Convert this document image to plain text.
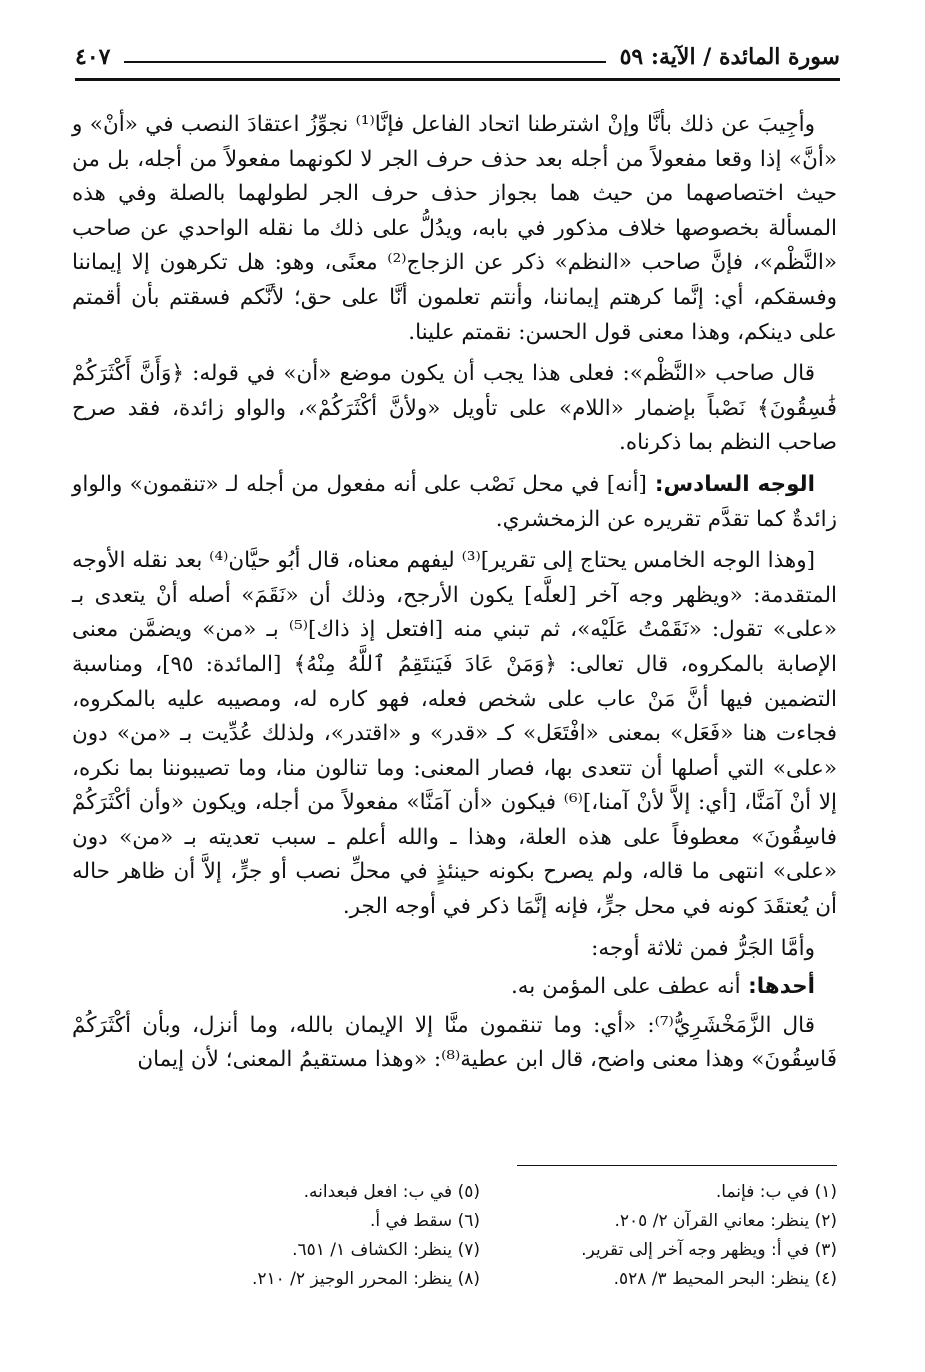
سورة المائدة / الآية: ٥٩
٤٠٧

وأجِيبَ عن ذلك بأنَّا وإنْ اشترطنا اتحاد الفاعل فإنَّا⁽¹⁾ نجوِّزُ اعتقادَ النصب في «أنْ» و «أنَّ» إذا وقعا مفعولاً من أجله بعد حذف حرف الجر لا لكونهما مفعولاً من أجله، بل من حيث اختصاصهما من حيث هما بجواز حذف حرف الجر لطولهما بالصلة وفي هذه المسألة بخصوصها خلاف مذكور في بابه، ويدُلُّ على ذلك ما نقله الواحدي عن صاحب «النَّظْم»، فإنَّ صاحب «النظم» ذكر عن الزجاج⁽²⁾ معنًى، وهو: هل تكرهون إلا إيماننا وفسقكم، أي: إنَّما كرهتم إيماننا، وأنتم تعلمون أنَّا على حق؛ لأنَّكم فسقتم بأن أقمتم على دينكم، وهذا معنى قول الحسن: نقمتم علينا.

قال صاحب «النَّظْم»: فعلى هذا يجب أن يكون موضع «أن» في قوله: ﴿وَأَنَّ أَكْثَرَكُمْ فَٰسِقُونَ﴾ نَصْباً بإضمار «اللام» على تأويل «ولأنَّ أكْثَرَكُمْ»، والواو زائدة، فقد صرح صاحب النظم بما ذكرناه.

الوجه السادس: [أنه] في محل نَصْب على أنه مفعول من أجله لـ «تنقمون» والواو زائدةٌ كما تقدَّم تقريره عن الزمخشري.

[وهذا الوجه الخامس يحتاج إلى تقرير]⁽³⁾ ليفهم معناه، قال أبُو حيَّان⁽⁴⁾ بعد نقله الأوجه المتقدمة: «ويظهر وجه آخر [لعلَّه] يكون الأرجح، وذلك أن «نَقَمَ» أصله أنْ يتعدى بـ «على» تقول: «نَقَمْتُ عَلَيْه»، ثم تبني منه [افتعل إذ ذاك]⁽⁵⁾ بـ «من» ويضمَّن معنى الإصابة بالمكروه، قال تعالى: ﴿وَمَنْ عَادَ فَيَنتَقِمُ ٱللَّهُ مِنْهُ﴾ [المائدة: ٩٥]، ومناسبة التضمين فيها أنَّ مَنْ عاب على شخص فعله، فهو كاره له، ومصيبه عليه بالمكروه، فجاءت هنا «فَعَل» بمعنى «افْتَعَل» كـ «قدر» و «اقتدر»، ولذلك عُدِّيت بـ «من» دون «على» التي أصلها أن تتعدى بها، فصار المعنى: وما تنالون منا، وما تصيبوننا بما نكره، إلا أنْ آمَنَّا، [أي: إلاَّ لأنْ آمنا،]⁽⁶⁾ فيكون «أن آمَنَّا» مفعولاً من أجله، ويكون «وأن أكْثَرَكُمْ فاسِقُونَ» معطوفاً على هذه العلة، وهذا ـ والله أعلم ـ سبب تعديته بـ «من» دون «على» انتهى ما قاله، ولم يصرح بكونه حينئذٍ في محلِّ نصب أو جرٍّ، إلاَّ أن ظاهر حاله أن يُعتقَدَ كونه في محل جرٍّ، فإنه إنَّمَا ذكر في أوجه الجر.

وأمَّا الجَرُّ فمن ثلاثة أوجه:

أحدها: أنه عطف على المؤمن به.

قال الزَّمَخْشَرِيُّ⁽⁷⁾: «أي: وما تنقمون منَّا إلا الإيمان بالله، وما أنزل، وبأن أكْثَرَكُمْ فَاسِقُونَ» وهذا معنى واضح، قال ابن عطية⁽⁸⁾: «وهذا مستقيمُ المعنى؛ لأن إيمان

(١) في ب: فإنما.
(٢) ينظر: معاني القرآن ٢/ ٢٠٥.
(٣) في أ: ويظهر وجه آخر إلى تقرير.
(٤) ينظر: البحر المحيط ٣/ ٥٢٨.
(٥) في ب: افعل فبعدانه.
(٦) سقط في أ.
(٧) ينظر: الكشاف ١/ ٦٥١.
(٨) ينظر: المحرر الوجيز ٢/ ٢١٠.
